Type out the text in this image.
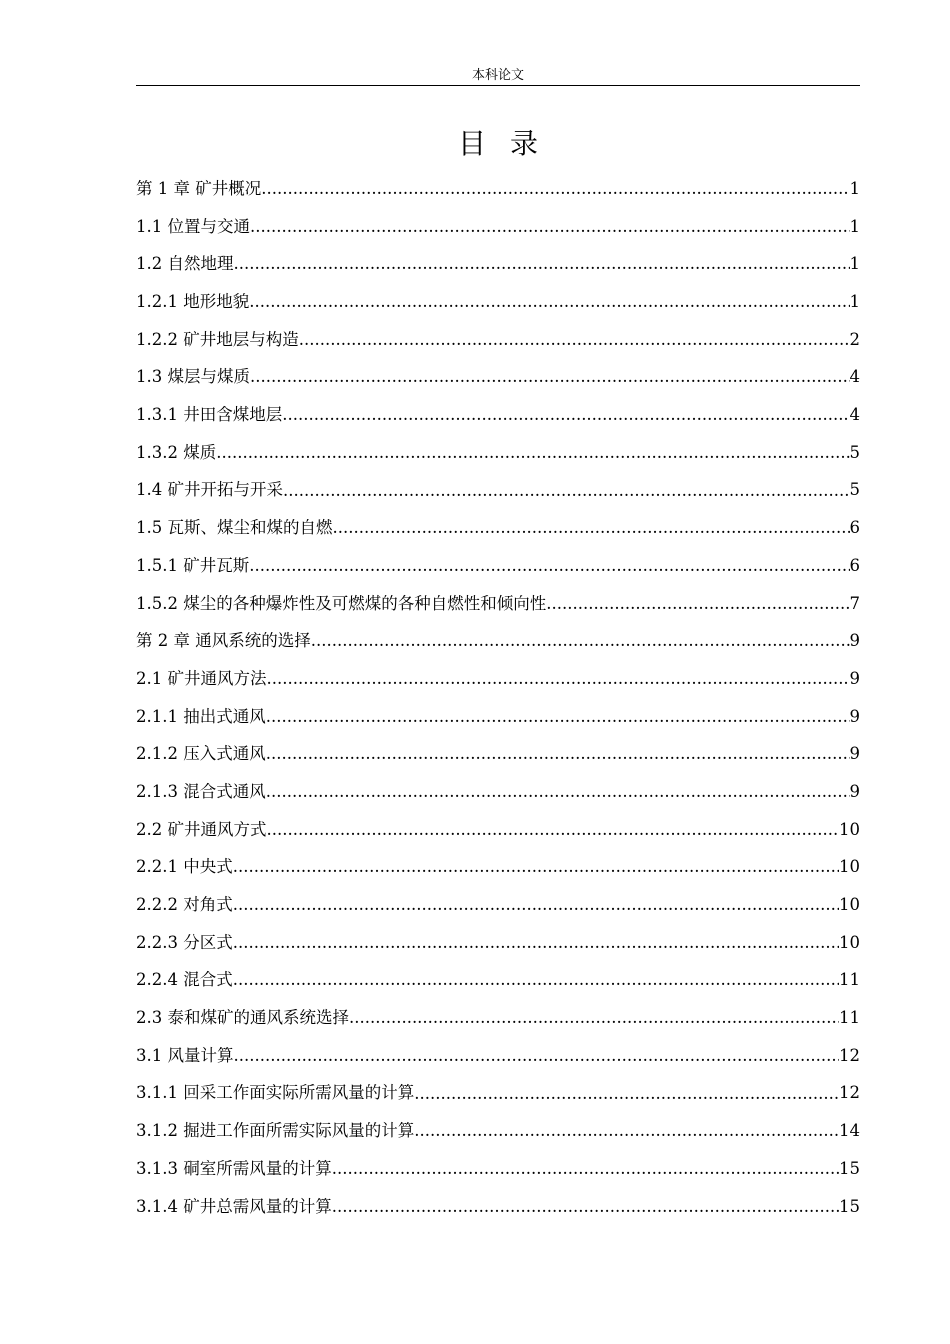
本科论文
目录
第 1 章 矿井概况 .....	1
1.1 位置与交通 .....	1
1.2 自然地理 .....	1
1.2.1 地形地貌 .....	1
1.2.2 矿井地层与构造 .....	2
1.3 煤层与煤质 .....	4
1.3.1 井田含煤地层 .....	4
1.3.2 煤质 .....	5
1.4 矿井开拓与开采 .....	5
1.5 瓦斯、煤尘和煤的自燃 .....	6
1.5.1 矿井瓦斯 .....	6
1.5.2 煤尘的各种爆炸性及可燃煤的各种自燃性和倾向性 .....	7
第 2 章 通风系统的选择 .....	9
2.1 矿井通风方法 .....	9
2.1.1 抽出式通风 .....	9
2.1.2 压入式通风 .....	9
2.1.3 混合式通风 .....	9
2.2 矿井通风方式 .....	10
2.2.1 中央式 .....	10
2.2.2 对角式 .....	10
2.2.3 分区式 .....	10
2.2.4 混合式 .....	11
2.3 泰和煤矿的通风系统选择 .....	11
3.1 风量计算 .....	12
3.1.1 回采工作面实际所需风量的计算 .....	12
3.1.2 掘进工作面所需实际风量的计算 .....	14
3.1.3 硐室所需风量的计算 .....	15
3.1.4 矿井总需风量的计算 .....	15
